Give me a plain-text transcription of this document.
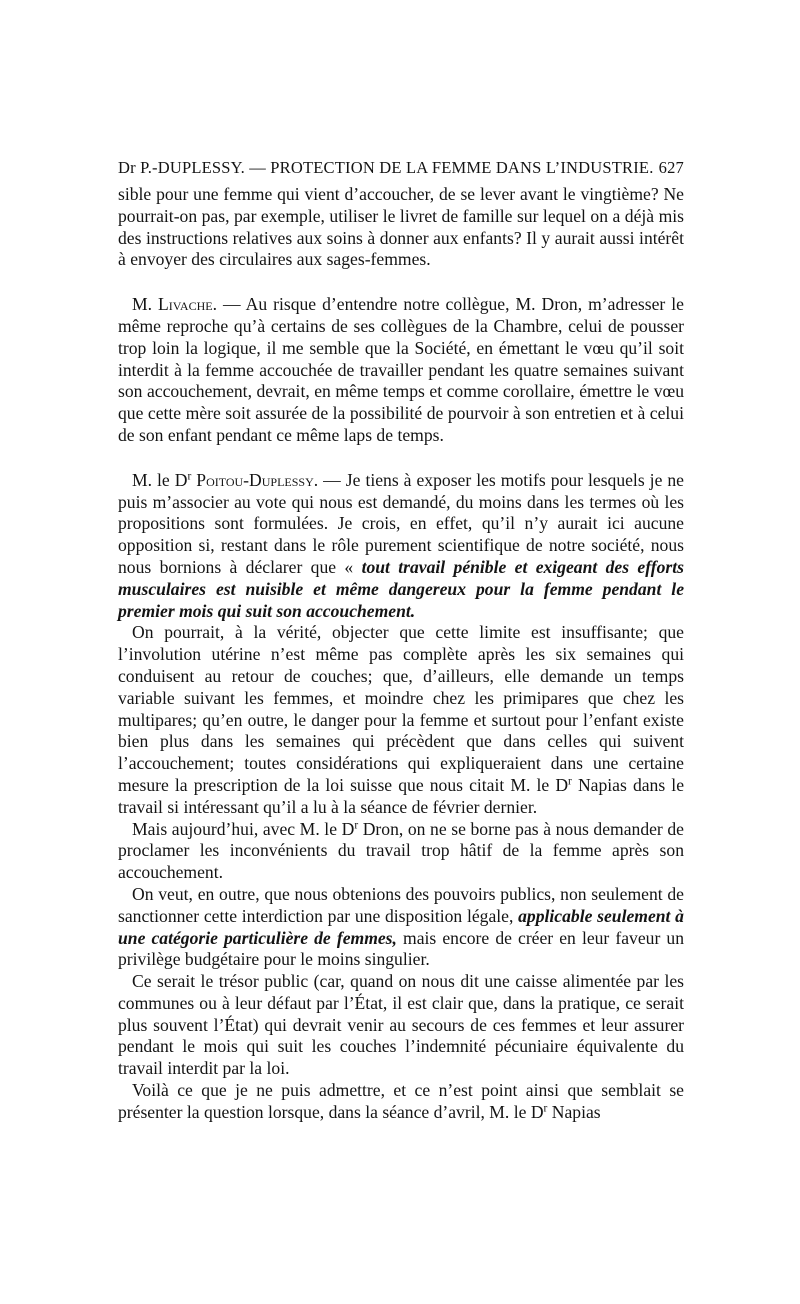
Dr P.-DUPLESSY. — PROTECTION DE LA FEMME DANS L’INDUSTRIE. 627

sible pour une femme qui vient d’accoucher, de se lever avant le vingtième? Ne pourrait-on pas, par exemple, utiliser le livret de famille sur lequel on a déjà mis des instructions relatives aux soins à donner aux enfants? Il y aurait aussi intérêt à envoyer des circulaires aux sages-femmes.

M. Livache. — Au risque d’entendre notre collègue, M. Dron, m’adresser le même reproche qu’à certains de ses collègues de la Chambre, celui de pousser trop loin la logique, il me semble que la Société, en émettant le vœu qu’il soit interdit à la femme accouchée de travailler pendant les quatre semaines suivant son accouchement, devrait, en même temps et comme corollaire, émettre le vœu que cette mère soit assurée de la possibilité de pourvoir à son entretien et à celui de son enfant pendant ce même laps de temps.

M. le $D^r$ Poitou-Duplessy. — Je tiens à exposer les motifs pour lesquels je ne puis m’associer au vote qui nous est demandé, du moins dans les termes où les propositions sont formulées. Je crois, en effet, qu’il n’y aurait ici aucune opposition si, restant dans le rôle purement scientifique de notre société, nous nous bornions à déclarer que « tout travail pénible et exigeant des efforts musculaires est nuisible et même dangereux pour la femme pendant le premier mois qui suit son accouchement.

On pourrait, à la vérité, objecter que cette limite est insuffisante; que l’involution utérine n’est même pas complète après les six semaines qui conduisent au retour de couches; que, d’ailleurs, elle demande un temps variable suivant les femmes, et moindre chez les primipares que chez les multipares; qu’en outre, le danger pour la femme et surtout pour l’enfant existe bien plus dans les semaines qui précèdent que dans celles qui suivent l’accouchement; toutes considérations qui expliqueraient dans une certaine mesure la prescription de la loi suisse que nous citait M. le $D^r$ Napias dans le travail si intéressant qu’il a lu à la séance de février dernier.

Mais aujourd’hui, avec M. le $D^r$ Dron, on ne se borne pas à nous demander de proclamer les inconvénients du travail trop hâtif de la femme après son accouchement.

On veut, en outre, que nous obtenions des pouvoirs publics, non seulement de sanctionner cette interdiction par une disposition légale, applicable seulement à une catégorie particulière de femmes, mais encore de créer en leur faveur un privilège budgétaire pour le moins singulier.

Ce serait le trésor public (car, quand on nous dit une caisse alimentée par les communes ou à leur défaut par l’État, il est clair que, dans la pratique, ce serait plus souvent l’État) qui devrait venir au secours de ces femmes et leur assurer pendant le mois qui suit les couches l’indemnité pécuniaire équivalente du travail interdit par la loi.

Voilà ce que je ne puis admettre, et ce n’est point ainsi que semblait se présenter la question lorsque, dans la séance d’avril, M. le $D^r$ Napias
